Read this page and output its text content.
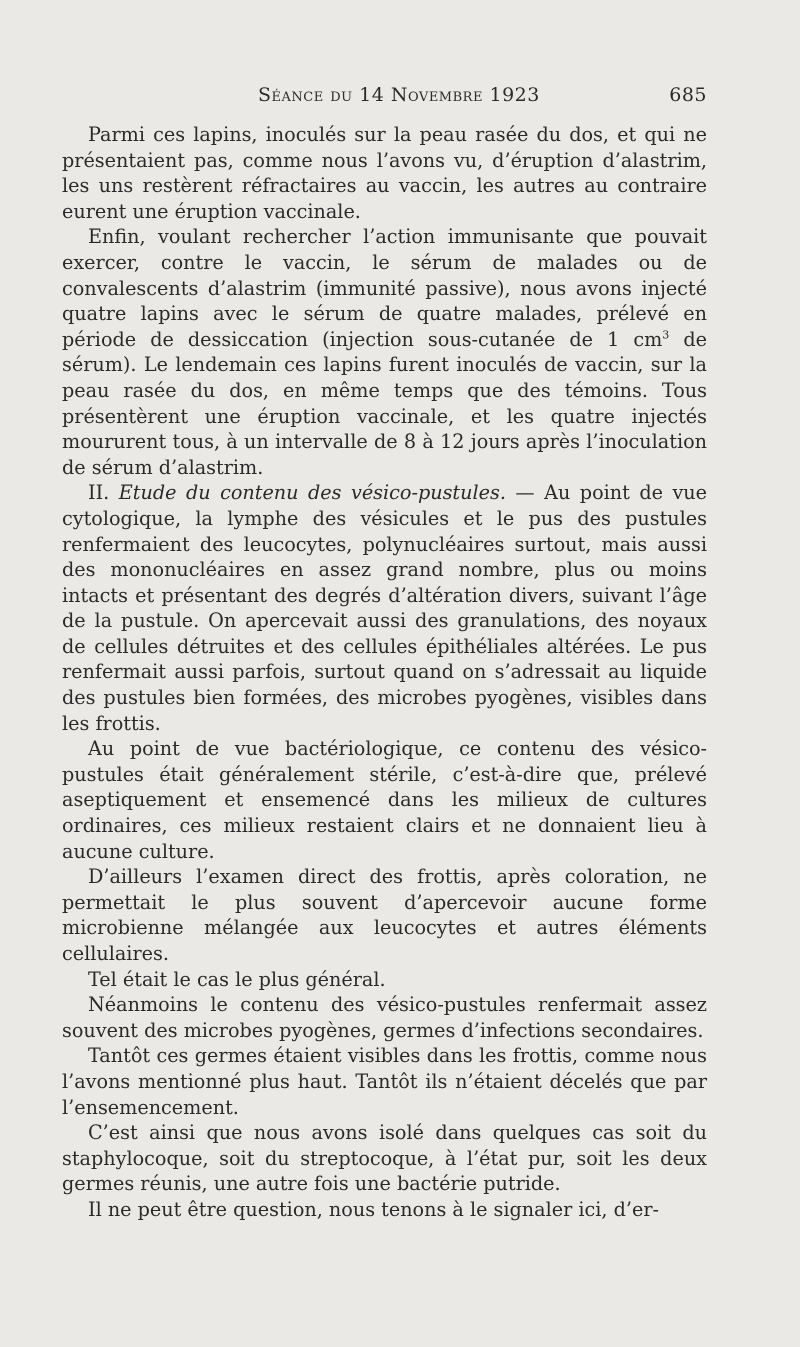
Séance du 14 Novembre 1923	685

Parmi ces lapins, inoculés sur la peau rasée du dos, et qui ne présentaient pas, comme nous l’avons vu, d’éruption d’alastrim, les uns restèrent réfractaires au vaccin, les autres au contraire eurent une éruption vaccinale.

Enfin, voulant rechercher l’action immunisante que pouvait exercer, contre le vaccin, le sérum de malades ou de convalescents d’alastrim (immunité passive), nous avons injecté quatre lapins avec le sérum de quatre malades, prélevé en période de dessiccation (injection sous-cutanée de 1 $cm^3$ de sérum). Le lendemain ces lapins furent inoculés de vaccin, sur la peau rasée du dos, en même temps que des témoins. Tous présentèrent une éruption vaccinale, et les quatre injectés moururent tous, à un intervalle de 8 à 12 jours après l’inoculation de sérum d’alastrim.

II. Etude du contenu des vésico-pustules. — Au point de vue cytologique, la lymphe des vésicules et le pus des pustules renfermaient des leucocytes, polynucléaires surtout, mais aussi des mononucléaires en assez grand nombre, plus ou moins intacts et présentant des degrés d’altération divers, suivant l’âge de la pustule. On apercevait aussi des granulations, des noyaux de cellules détruites et des cellules épithéliales altérées. Le pus renfermait aussi parfois, surtout quand on s’adressait au liquide des pustules bien formées, des microbes pyogènes, visibles dans les frottis.

Au point de vue bactériologique, ce contenu des vésico-pustules était généralement stérile, c’est-à-dire que, prélevé aseptiquement et ensemencé dans les milieux de cultures ordinaires, ces milieux restaient clairs et ne donnaient lieu à aucune culture.

D’ailleurs l’examen direct des frottis, après coloration, ne permettait le plus souvent d’apercevoir aucune forme microbienne mélangée aux leucocytes et autres éléments cellulaires.

Tel était le cas le plus général.

Néanmoins le contenu des vésico-pustules renfermait assez souvent des microbes pyogènes, germes d’infections secondaires.

Tantôt ces germes étaient visibles dans les frottis, comme nous l’avons mentionné plus haut. Tantôt ils n’étaient décelés que par l’ensemencement.

C’est ainsi que nous avons isolé dans quelques cas soit du staphylocoque, soit du streptocoque, à l’état pur, soit les deux germes réunis, une autre fois une bactérie putride.

Il ne peut être question, nous tenons à le signaler ici, d’er-
